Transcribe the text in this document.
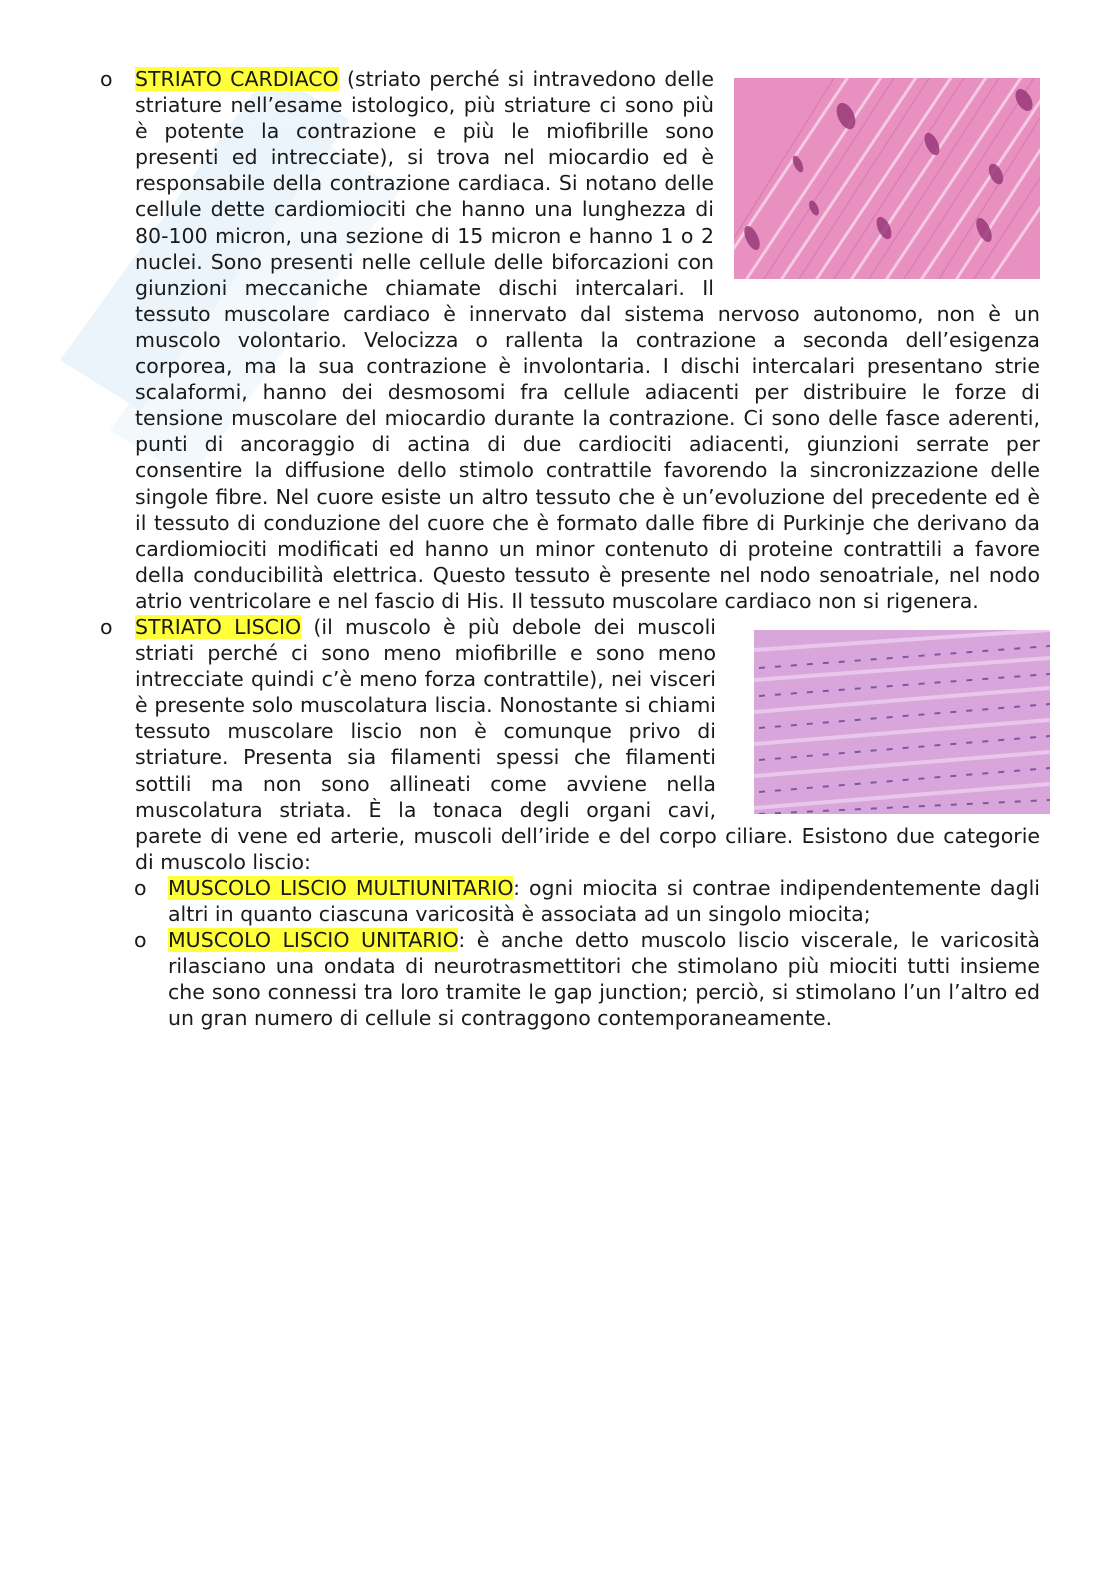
o	STRIATO CARDIACO (striato perché si intravedono delle striature nell’esame istologico, più striature ci sono più è potente la contrazione e più le miofibrille sono presenti ed intrecciate), si trova nel miocardio ed è responsabile della contrazione cardiaca. Si notano delle cellule dette cardiomiociti che hanno una lunghezza di 80-100 micron, una sezione di 15 micron e hanno 1 o 2 nuclei. Sono presenti nelle cellule delle biforcazioni con giunzioni meccaniche chiamate dischi intercalari. Il tessuto muscolare cardiaco è innervato dal sistema nervoso autonomo, non è un muscolo volontario. Velocizza o rallenta la contrazione a seconda dell’esigenza corporea, ma la sua contrazione è involontaria. I dischi intercalari presentano strie scalaformi, hanno dei desmosomi fra cellule adiacenti per distribuire le forze di tensione muscolare del miocardio durante la contrazione. Ci sono delle fasce aderenti, punti di ancoraggio di actina di due cardiociti adiacenti, giunzioni serrate per consentire la diffusione dello stimolo contrattile favorendo la sincronizzazione delle singole fibre. Nel cuore esiste un altro tessuto che è un’evoluzione del precedente ed è il tessuto di conduzione del cuore che è formato dalle fibre di Purkinje che derivano da cardiomiociti modificati ed hanno un minor contenuto di proteine contrattili a favore della conducibilità elettrica. Questo tessuto è presente nel nodo senoatriale, nel nodo atrio ventricolare e nel fascio di His. Il tessuto muscolare cardiaco non si rigenera.

o	STRIATO LISCIO (il muscolo è più debole dei muscoli striati perché ci sono meno miofibrille e sono meno intrecciate quindi c’è meno forza contrattile), nei visceri è presente solo muscolatura liscia. Nonostante si chiami tessuto muscolare liscio non è comunque privo di striature. Presenta sia filamenti spessi che filamenti sottili ma non sono allineati come avviene nella muscolatura striata. È la tonaca degli organi cavi, parete di vene ed arterie, muscoli dell’iride e del corpo ciliare. Esistono due categorie di muscolo liscio:

o	MUSCOLO LISCIO MULTIUNITARIO: ogni miocita si contrae indipendentemente dagli altri in quanto ciascuna varicosità è associata ad un singolo miocita;

o	MUSCOLO LISCIO UNITARIO: è anche detto muscolo liscio viscerale, le varicosità rilasciano una ondata di neurotrasmettitori che stimolano più miociti tutti insieme che sono connessi tra loro tramite le gap junction; perciò, si stimolano l’un l’altro ed un gran numero di cellule si contraggono contemporaneamente.
